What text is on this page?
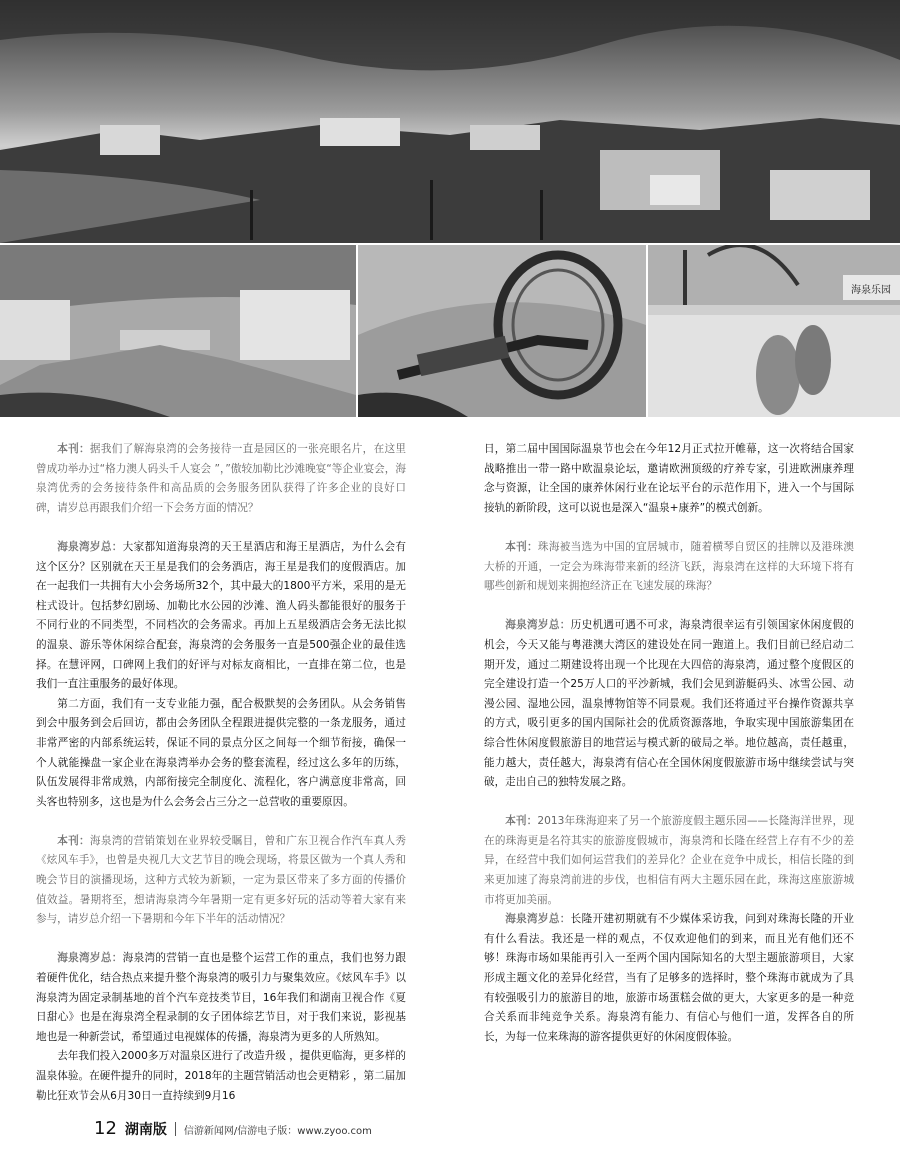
海泉乐园

本刊：据我们了解海泉湾的会务接待一直是园区的一张亮眼名片，在这里曾成功举办过“格力澳人码头千人宴会 ”，”傲较加勒比沙滩晚宴“等企业宴会，海泉湾优秀的会务接待条件和高品质的会务服务团队获得了许多企业的良好口碑，请岁总再跟我们介绍一下会务方面的情况？

海泉湾岁总：大家都知道海泉湾的天王星酒店和海王星酒店，为什么会有这个区分？区别就在天王星是我们的会务酒店，海王星是我们的度假酒店。加在一起我们一共拥有大小会务场所32个，其中最大的1800平方米，采用的是无柱式设计。包括梦幻剧场、加勒比水公园的沙滩、渔人码头都能很好的服务于不同行业的不同类型，不同档次的会务需求。再加上五星级酒店会务无法比拟的温泉、游乐等休闲综合配套，海泉湾的会务服务一直是500强企业的最佳选择。在慧评网，口碑网上我们的好评与对标友商相比，一直排在第二位，也是我们一直注重服务的最好体现。

第二方面，我们有一支专业能力强，配合极默契的会务团队。从会务销售到会中服务到会后回访，都由会务团队全程跟进提供完整的一条龙服务，通过非常严密的内部系统运转，保证不同的景点分区之间每一个细节衔接，确保一个人就能操盘一家企业在海泉湾举办会务的整套流程，经过这么多年的历练，队伍发展得非常成熟，内部衔接完全制度化、流程化，客户满意度非常高，回头客也特别多，这也是为什么会务会占三分之一总营收的重要原因。

本刊：海泉湾的营销策划在业界较受瞩目，曾和广东卫视合作汽车真人秀《炫风车手》，也曾是央视几大文艺节目的晚会现场，将景区做为一个真人秀和晚会节目的演播现场，这种方式较为新颖，一定为景区带来了多方面的传播价值效益。暑期将至，想请海泉湾今年暑期一定有更多好玩的活动等着大家有来参与，请岁总介绍一下暑期和今年下半年的活动情况？

海泉湾岁总：海泉湾的营销一直也是整个运营工作的重点，我们也努力跟着硬件优化，结合热点来提升整个海泉湾的吸引力与聚集效应。《炫风车手》以海泉湾为固定录制基地的首个汽车竞技类节目，16年我们和湖南卫视合作《夏日甜心》也是在海泉湾全程录制的女子团体综艺节目，对于我们来说，影视基地也是一种新尝试，希望通过电视媒体的传播，海泉湾为更多的人所熟知。

去年我们投入2000多万对温泉区进行了改造升级 ，提供更临海，更多样的温泉体验。在硬件提升的同时，2018年的主题营销活动也会更精彩 ，第二届加勒比狂欢节会从6月30日一直持续到9月16

日，第二届中国国际温泉节也会在今年12月正式拉开帷幕，这一次将结合国家战略推出一带一路中欧温泉论坛，邀请欧洲顶级的疗养专家，引进欧洲康养理念与资源，让全国的康养休闲行业在论坛平台的示范作用下，进入一个与国际接轨的新阶段，这可以说也是深入“温泉+康养”的模式创新。

本刊：珠海被当选为中国的宜居城市，随着横琴自贸区的挂牌以及港珠澳大桥的开通，一定会为珠海带来新的经济飞跃，海泉湾在这样的大环境下将有哪些创新和规划来拥抱经济正在飞速发展的珠海？

海泉湾岁总：历史机遇可遇不可求，海泉湾很幸运有引领国家休闲度假的机会，今天又能与粤港澳大湾区的建设处在同一跑道上。我们目前已经启动二期开发，通过二期建设将出现一个比现在大四倍的海泉湾，通过整个度假区的完全建设打造一个25万人口的平沙新城，我们会见到游艇码头、冰雪公园、动漫公园、湿地公园，温泉博物馆等不同景观。我们还将通过平台操作资源共享的方式，吸引更多的国内国际社会的优质资源落地，争取实现中国旅游集团在综合性休闲度假旅游目的地营运与模式新的破局之举。地位越高，责任越重，能力越大，责任越大，海泉湾有信心在全国休闲度假旅游市场中继续尝试与突破，走出自己的独特发展之路。

本刊：2013年珠海迎来了另一个旅游度假主题乐园——长隆海洋世界，现在的珠海更是名符其实的旅游度假城市，海泉湾和长隆在经营上存有不少的差异，在经营中我们如何运营我们的差异化？企业在竞争中成长，相信长隆的到来更加速了海泉湾前进的步伐，也相信有两大主题乐园在此，珠海这座旅游城市将更加美丽。

海泉湾岁总：长隆开建初期就有不少媒体采访我，问到对珠海长隆的开业有什么看法。我还是一样的观点，不仅欢迎他们的到来，而且光有他们还不够！珠海市场如果能再引入一至两个国内国际知名的大型主题旅游项目，大家形成主题文化的差异化经营，当有了足够多的选择时，整个珠海市就成为了具有较强吸引力的旅游目的地，旅游市场蛋糕会做的更大，大家更多的是一种竞合关系而非纯竞争关系。海泉湾有能力、有信心与他们一道，发挥各自的所长，为每一位来珠海的游客提供更好的休闲度假体验。

12 湖南版 信游新闻网/信游电子版：www.zyoo.com
